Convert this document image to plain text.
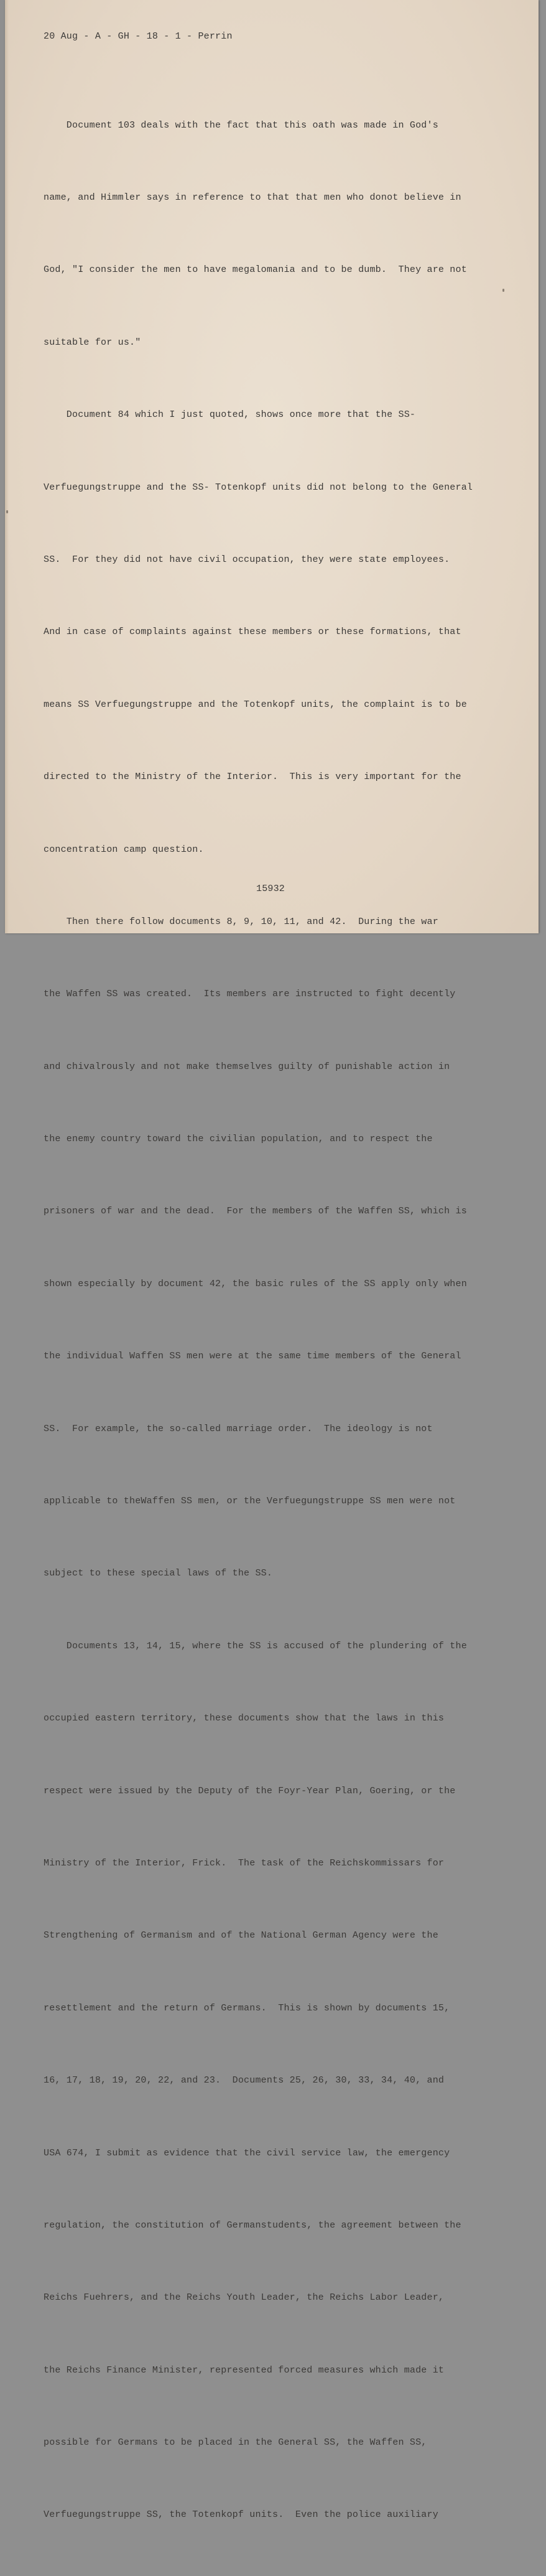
20 Aug - A - GH - 18 - 1 - Perrin

Document 103 deals with the fact that this oath was made in God's

name, and Himmler says in reference to that that men who donot believe in

God, "I consider the men to have megalomania and to be dumb.  They are not

suitable for us."

Document 84 which I just quoted, shows once more that the SS-

Verfuegungstruppe and the SS- Totenkopf units did not belong to the General

SS.  For they did not have civil occupation, they were state employees.

And in case of complaints against these members or these formations, that

means SS Verfuegungstruppe and the Totenkopf units, the complaint is to be

directed to the Ministry of the Interior.  This is very important for the

concentration camp question.

Then there follow documents 8, 9, 10, 11, and 42.  During the war

the Waffen SS was created.  Its members are instructed to fight decently

and chivalrously and not make themselves guilty of punishable action in

the enemy country toward the civilian population, and to respect the

prisoners of war and the dead.  For the members of the Waffen SS, which is

shown especially by document 42, the basic rules of the SS apply only when

the individual Waffen SS men were at the same time members of the General

SS.  For example, the so-called marriage order.  The ideology is not

applicable to theWaffen SS men, or the Verfuegungstruppe SS men were not

subject to these special laws of the SS.

Documents 13, 14, 15, where the SS is accused of the plundering of the

occupied eastern territory, these documents show that the laws in this

respect were issued by the Deputy of the Foyr-Year Plan, Goering, or the

Ministry of the Interior, Frick.  The task of the Reichskommissars for

Strengthening of Germanism and of the National German Agency were the

resettlement and the return of Germans.  This is shown by documents 15,

16, 17, 18, 19, 20, 22, and 23.  Documents 25, 26, 30, 33, 34, 40, and

USA 674, I submit as evidence that the civil service law, the emergency

regulation, the constitution of Germanstudents, the agreement between the

Reichs Fuehrers, and the Reichs Youth Leader, the Reichs Labor Leader,

the Reichs Finance Minister, represented forced measures which made it

possible for Germans to be placed in the General SS, the Waffen SS,

Verfuegungstruppe SS, the Totenkopf units.  Even the police auxiliary

15932
